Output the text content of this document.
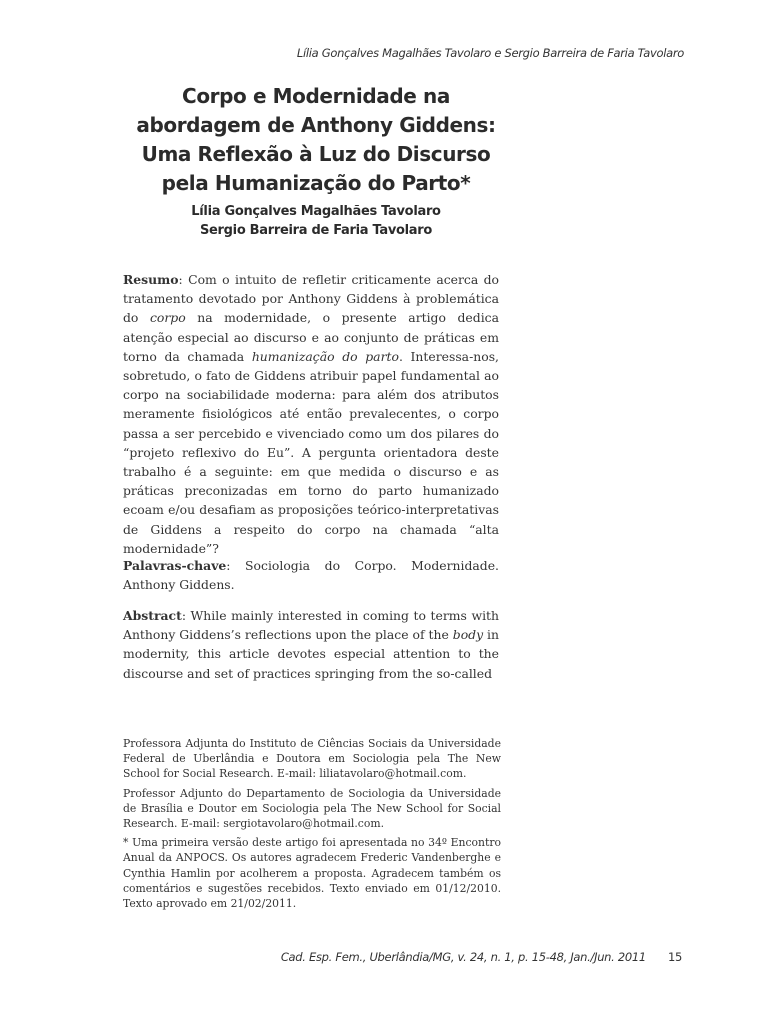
Lília Gonçalves Magalhães Tavolaro e Sergio Barreira de Faria Tavolaro
Corpo e Modernidade na abordagem de Anthony Giddens: Uma Reflexão à Luz do Discurso pela Humanização do Parto*
Lília Gonçalves Magalhães Tavolaro
Sergio Barreira de Faria Tavolaro
Resumo: Com o intuito de refletir criticamente acerca do tratamento devotado por Anthony Giddens à problemática do corpo na modernidade, o presente artigo dedica atenção especial ao discurso e ao conjunto de práticas em torno da chamada humanização do parto. Interessa-nos, sobretudo, o fato de Giddens atribuir papel fundamental ao corpo na sociabilidade moderna: para além dos atributos meramente fisiológicos até então prevalecentes, o corpo passa a ser percebido e vivenciado como um dos pilares do “projeto reflexivo do Eu”. A pergunta orientadora deste trabalho é a seguinte: em que medida o discurso e as práticas preconizadas em torno do parto humanizado ecoam e/ou desafiam as proposições teórico-interpretativas de Giddens a respeito do corpo na chamada “alta modernidade”?
Palavras-chave: Sociologia do Corpo. Modernidade. Anthony Giddens.
Abstract: While mainly interested in coming to terms with Anthony Giddens’s reflections upon the place of the body in modernity, this article devotes especial attention to the discourse and set of practices springing from the so-called

Professora Adjunta do Instituto de Ciências Sociais da Universidade Federal de Uberlândia e Doutora em Sociologia pela The New School for Social Research. E-mail: liliatavolaro@hotmail.com.

Professor Adjunto do Departamento de Sociologia da Universidade de Brasília e Doutor em Sociologia pela The New School for Social Research. E-mail: sergiotavolaro@hotmail.com.

* Uma primeira versão deste artigo foi apresentada no 34º Encontro Anual da ANPOCS. Os autores agradecem Frederic Vandenberghe e Cynthia Hamlin por acolherem a proposta. Agradecem também os comentários e sugestões recebidos. Texto enviado em 01/12/2010. Texto aprovado em 21/02/2011.

Cad. Esp. Fem., Uberlândia/MG, v. 24, n. 1, p. 15-48, Jan./Jun. 2011 15
